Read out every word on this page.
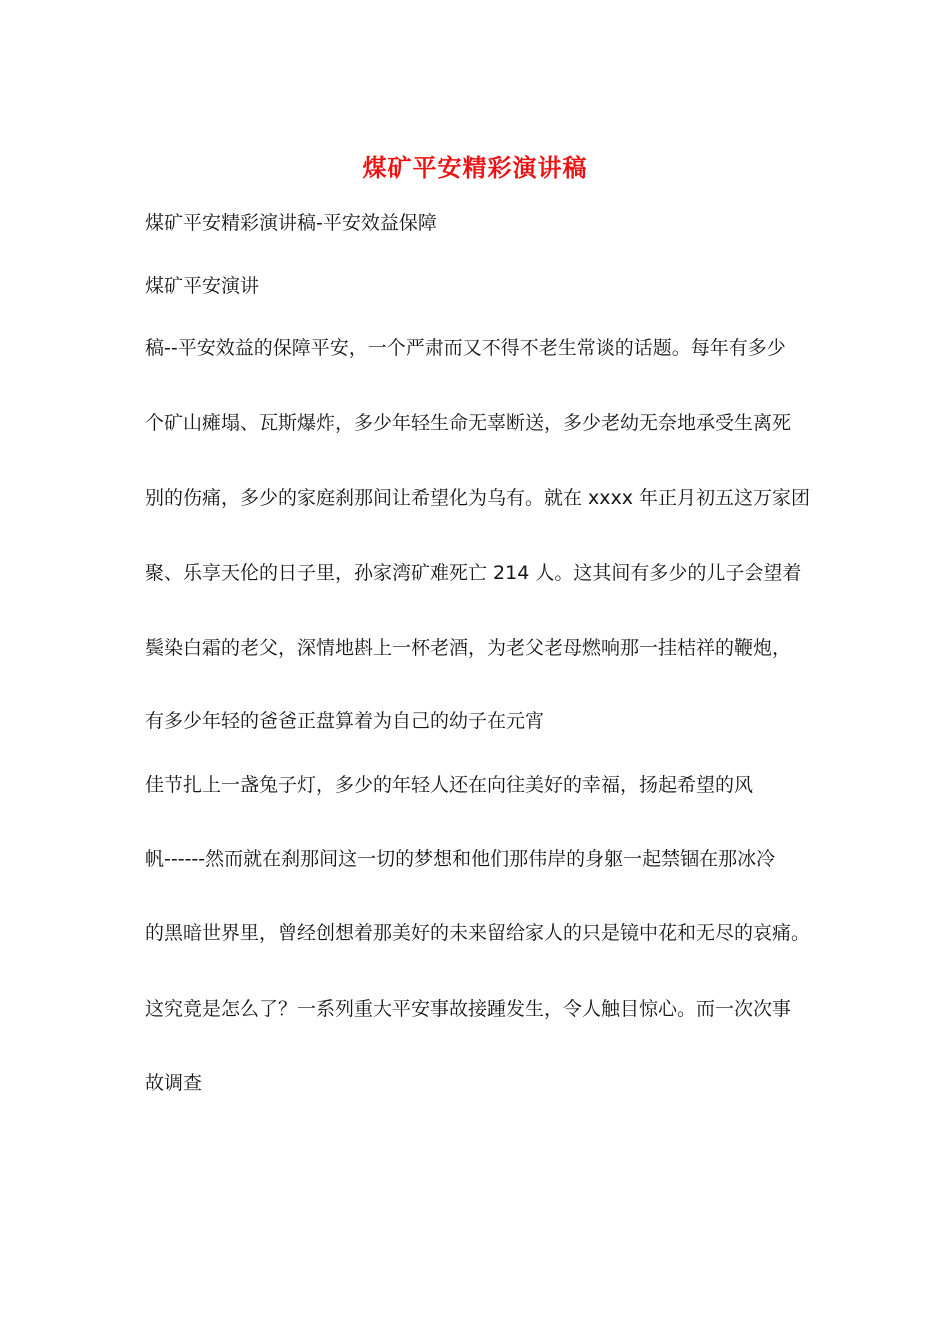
煤矿平安精彩演讲稿
煤矿平安精彩演讲稿-平安效益保障
煤矿平安演讲
稿--平安效益的保障平安，一个严肃而又不得不老生常谈的话题。每年有多少
个矿山瘫塌、瓦斯爆炸，多少年轻生命无辜断送，多少老幼无奈地承受生离死
别的伤痛，多少的家庭刹那间让希望化为乌有。就在 xxxx 年正月初五这万家团
聚、乐享天伦的日子里，孙家湾矿难死亡 214 人。这其间有多少的儿子会望着
鬓染白霜的老父，深情地斟上一杯老酒，为老父老母燃响那一挂桔祥的鞭炮，
有多少年轻的爸爸正盘算着为自己的幼子在元宵
佳节扎上一盏兔子灯，多少的年轻人还在向往美好的幸福，扬起希望的风
帆------然而就在刹那间这一切的梦想和他们那伟岸的身躯一起禁锢在那冰冷
的黑暗世界里，曾经创想着那美好的未来留给家人的只是镜中花和无尽的哀痛。
这究竟是怎么了？一系列重大平安事故接踵发生，令人触目惊心。而一次次事
故调查
